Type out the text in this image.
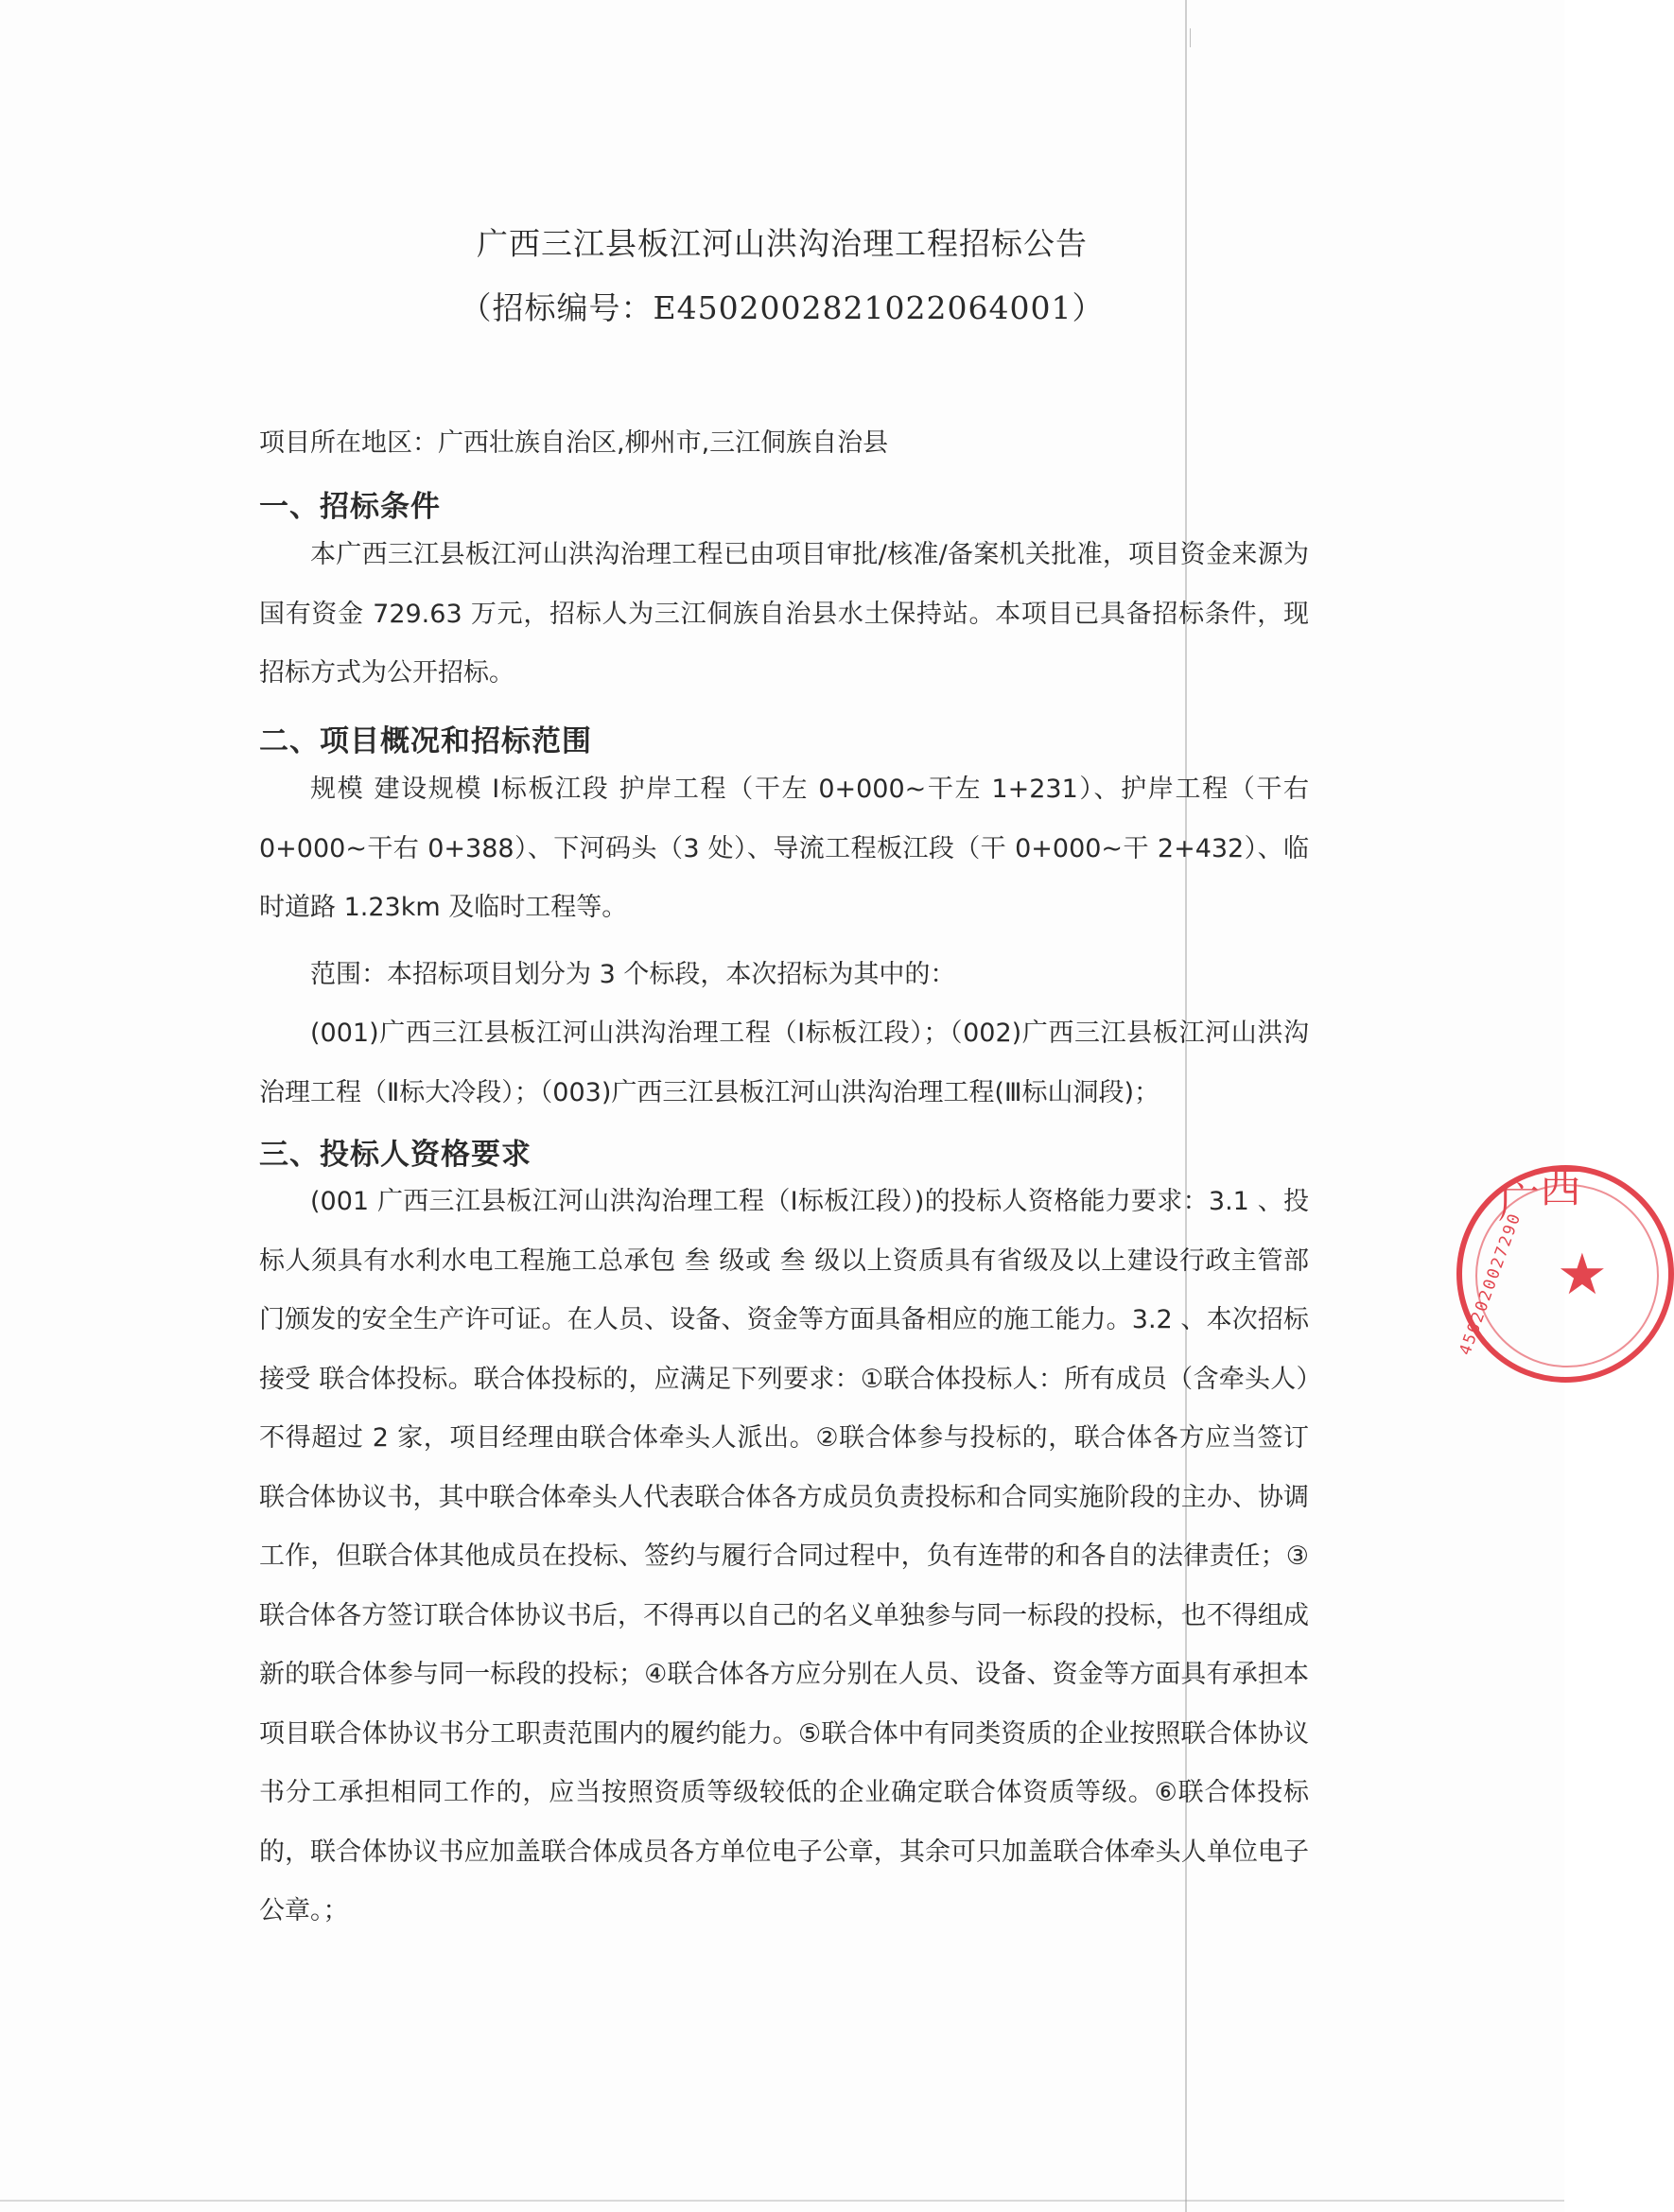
广西三江县板江河山洪沟治理工程招标公告
（招标编号：E4502002821022064001）

项目所在地区：广西壮族自治区,柳州市,三江侗族自治县

一、招标条件

本广西三江县板江河山洪沟治理工程已由项目审批/核准/备案机关批准，项目资金来源为国有资金 729.63 万元，招标人为三江侗族自治县水土保持站。本项目已具备招标条件，现招标方式为公开招标。

二、项目概况和招标范围

规模 建设规模 Ⅰ标板江段 护岸工程（干左 0+000~干左 1+231）、护岸工程（干右 0+000~干右 0+388）、下河码头（3 处）、导流工程板江段（干 0+000~干 2+432）、临时道路 1.23km 及临时工程等。

范围：本招标项目划分为 3 个标段，本次招标为其中的：

(001)广西三江县板江河山洪沟治理工程（Ⅰ标板江段）；（002)广西三江县板江河山洪沟治理工程（Ⅱ标大冷段）；（003)广西三江县板江河山洪沟治理工程(Ⅲ标山洞段)；

三、投标人资格要求

(001 广西三江县板江河山洪沟治理工程（Ⅰ标板江段）)的投标人资格能力要求：3.1 、投标人须具有水利水电工程施工总承包 叁 级或 叁 级以上资质具有省级及以上建设行政主管部门颁发的安全生产许可证。在人员、设备、资金等方面具备相应的施工能力。3.2 、本次招标 接受 联合体投标。联合体投标的，应满足下列要求：①联合体投标人：所有成员（含牵头人）不得超过 2 家，项目经理由联合体牵头人派出。②联合体参与投标的，联合体各方应当签订联合体协议书，其中联合体牵头人代表联合体各方成员负责投标和合同实施阶段的主办、协调工作，但联合体其他成员在投标、签约与履行合同过程中，负有连带的和各自的法律责任；③联合体各方签订联合体协议书后，不得再以自己的名义单独参与同一标段的投标，也不得组成新的联合体参与同一标段的投标；④联合体各方应分别在人员、设备、资金等方面具有承担本项目联合体协议书分工职责范围内的履约能力。⑤联合体中有同类资质的企业按照联合体协议书分工承担相同工作的，应当按照资质等级较低的企业确定联合体资质等级。⑥联合体投标的，联合体协议书应加盖联合体成员各方单位电子公章，其余可只加盖联合体牵头人单位电子公章。；

4502020027290
广 西
★
